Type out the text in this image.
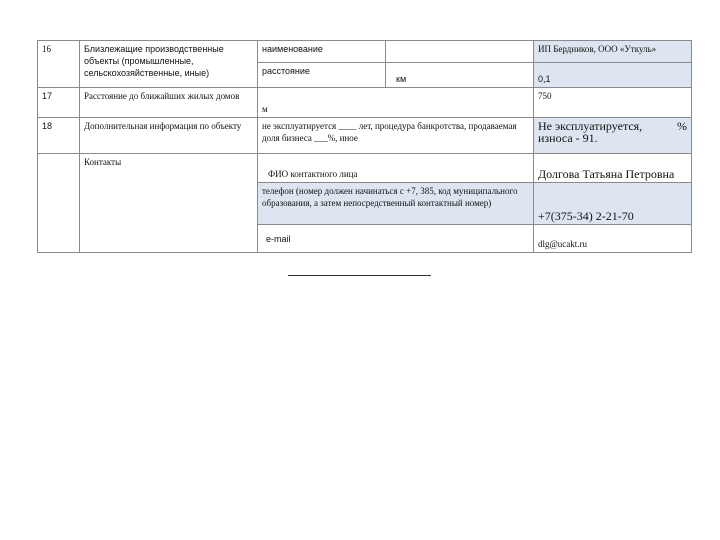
16	Близлежащие производственные объекты (промышленные, сельскохозяйственные, иные)	наименование		ИП Бердников, ООО «Уткуль»
		расстояние	км	0,1
17	Расстояние до ближайших жилых домов	м		750
18	Дополнительная информация по объекту	не эксплуатируется ____ лет, процедура банкротства, продаваемая доля бизнеса ___%, иное		Не эксплуатируется, %
износа - 91.

	Контакты	ФИО контактного лица		Долгова Татьяна Петровна
		телефон (номер должен начинаться с +7, 385, код муниципального образования, а затем непосредственный контактный номер)		+7(375-34) 2-21-70
		e-mail		dlg@ucakt.ru
